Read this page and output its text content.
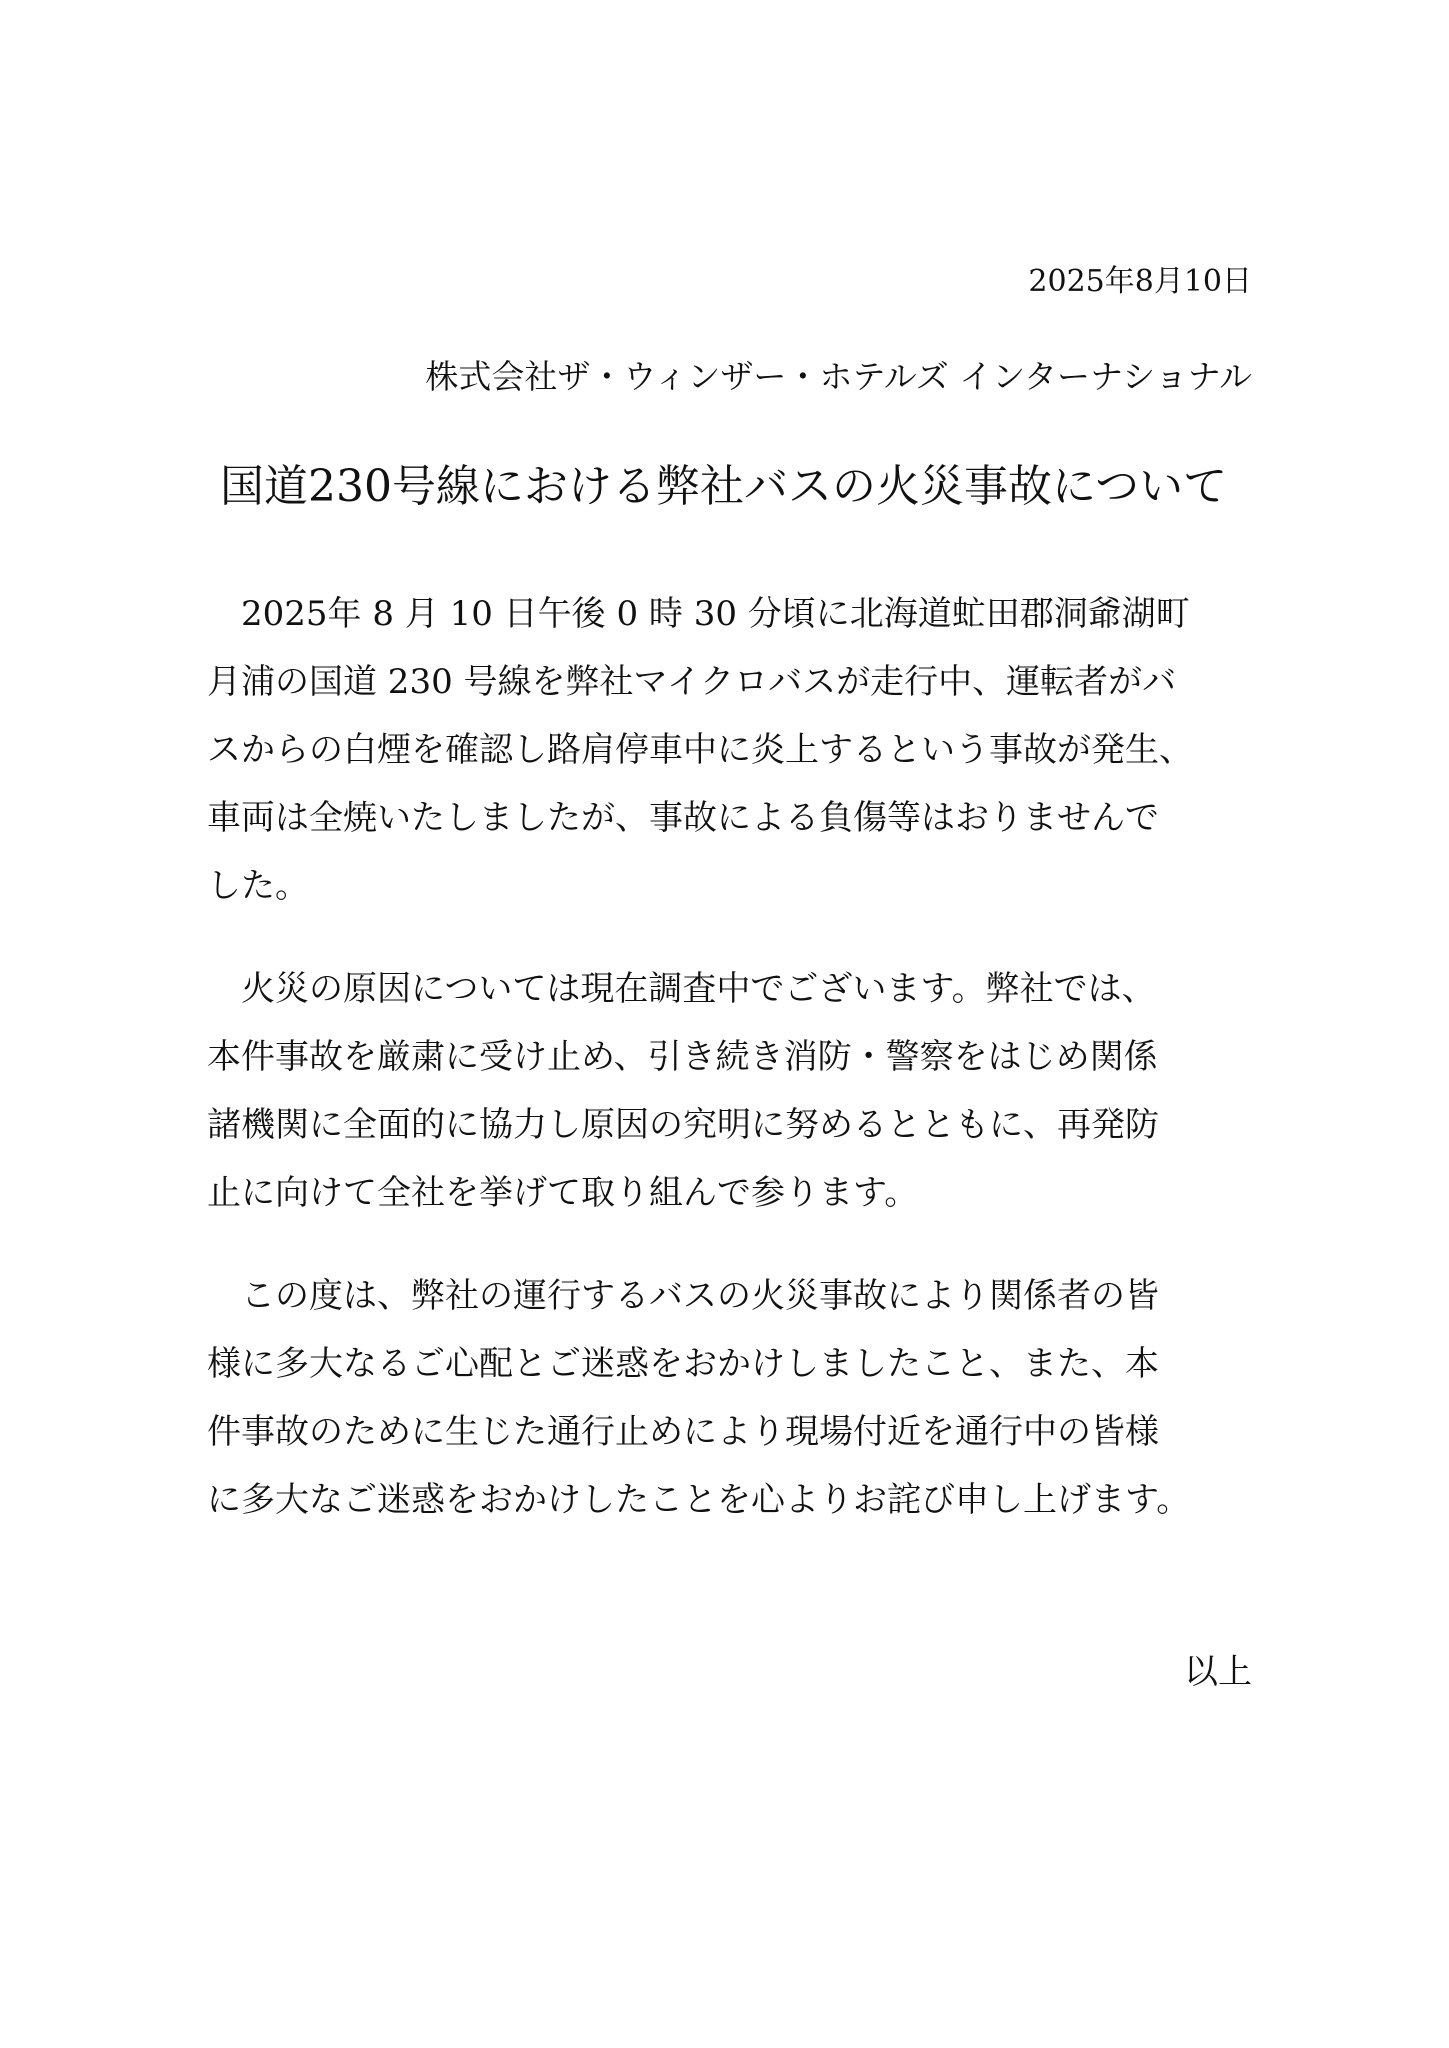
2025年8月10日
株式会社ザ・ウィンザー・ホテルズ インターナショナル
国道230号線における弊社バスの火災事故について
　2025年 8 月 10 日午後 0 時 30 分頃に北海道虻田郡洞爺湖町
月浦の国道 230 号線を弊社マイクロバスが走行中、運転者がバ
スからの白煙を確認し路肩停車中に炎上するという事故が発生、
車両は全焼いたしましたが、事故による負傷等はおりませんで
した。
　火災の原因については現在調査中でございます。弊社では、
本件事故を厳粛に受け止め、引き続き消防・警察をはじめ関係
諸機関に全面的に協力し原因の究明に努めるとともに、再発防
止に向けて全社を挙げて取り組んで参ります。
　この度は、弊社の運行するバスの火災事故により関係者の皆
様に多大なるご心配とご迷惑をおかけしましたこと、また、本
件事故のために生じた通行止めにより現場付近を通行中の皆様
に多大なご迷惑をおかけしたことを心よりお詫び申し上げます。
以上
